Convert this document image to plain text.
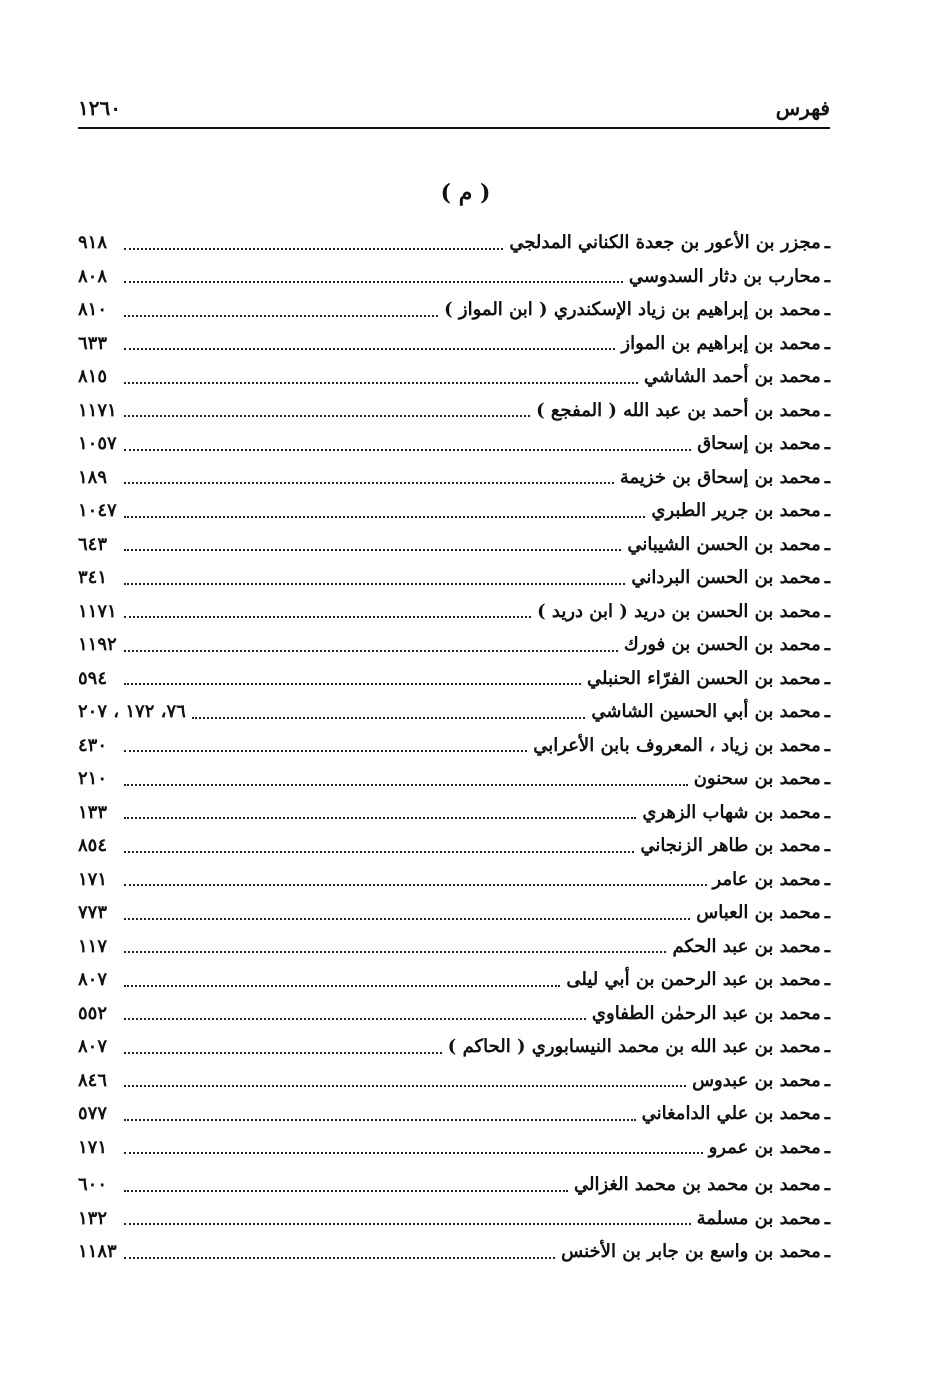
فهرس
١٢٦٠
( م )
ـ
مجزر بن الأعور بن جعدة الكناني المدلجي
٩١٨
ـ
محارب بن دثار السدوسي
٨٠٨
ـ
محمد بن إبراهيم بن زياد الإسكندري ( ابن المواز )
٨١٠
ـ
محمد بن إبراهيم بن المواز
٦٣٣
ـ
محمد بن أحمد الشاشي
٨١٥
ـ
محمد بن أحمد بن عبد الله ( المفجع )
١١٧١
ـ
محمد بن إسحاق
١٠٥٧
ـ
محمد بن إسحاق بن خزيمة
١٨٩
ـ
محمد بن جرير الطبري
١٠٤٧
ـ
محمد بن الحسن الشيباني
٦٤٣
ـ
محمد بن الحسن البرداني
٣٤١
ـ
محمد بن الحسن بن دريد ( ابن دريد )
١١٧١
ـ
محمد بن الحسن بن فورك
١١٩٢
ـ
محمد بن الحسن الفرّاء الحنبلي
٥٩٤
ـ
محمد بن أبي الحسين الشاشي
٧٦، ١٧٢ ، ٢٠٧
ـ
محمد بن زياد ، المعروف بابن الأعرابي
٤٣٠
ـ
محمد بن سحنون
٢١٠
ـ
محمد بن شهاب الزهري
١٣٣
ـ
محمد بن طاهر الزنجاني
٨٥٤
ـ
محمد بن عامر
١٧١
ـ
محمد بن العباس
٧٧٣
ـ
محمد بن عبد الحكم
١١٧
ـ
محمد بن عبد الرحمن بن أبي ليلى
٨٠٧
ـ
محمد بن عبد الرحمٰن الطفاوي
٥٥٢
ـ
محمد بن عبد الله بن محمد النيسابوري ( الحاكم )
٨٠٧
ـ
محمد بن عبدوس
٨٤٦
ـ
محمد بن علي الدامغاني
٥٧٧
ـ
محمد بن عمرو
١٧١
ـ
محمد بن محمد بن محمد الغزالي
٦٠٠
ـ
محمد بن مسلمة
١٣٢
ـ
محمد بن واسع بن جابر بن الأخنس
١١٨٣
